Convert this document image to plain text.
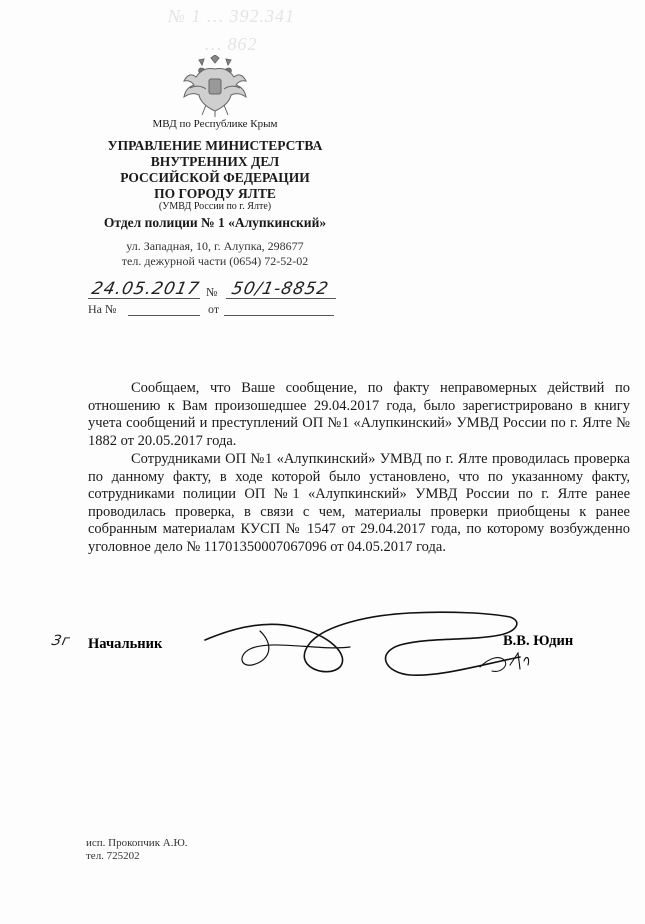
№ 1 … 392.341
… 862
МВД по Республике Крым
УПРАВЛЕНИЕ МИНИСТЕРСТВА
ВНУТРЕННИХ ДЕЛ
РОССИЙСКОЙ ФЕДЕРАЦИИ
ПО ГОРОДУ ЯЛТЕ
(УМВД России по г. Ялте)
Отдел полиции № 1 «Алупкинский»
ул. Западная, 10, г. Алупка, 298677
тел. дежурной части (0654) 72-52-02
24.05.2017 № 50/1-8852
На №	от

Сообщаем, что Ваше сообщение, по факту неправомерных действий по отношению к Вам произошедшее 29.04.2017 года, было зарегистрировано в книгу учета сообщений и преступлений ОП №1 «Алупкинский» УМВД России по г. Ялте № 1882 от 20.05.2017 года.

Сотрудниками ОП №1 «Алупкинский» УМВД по г. Ялте проводилась проверка по данному факту, в ходе которой было установлено, что по указанному факту, сотрудниками полиции ОП №1 «Алупкинский» УМВД России по г. Ялте ранее проводилась проверка, в связи с чем, материалы проверки приобщены к ранее собранным материалам КУСП № 1547 от 29.04.2017 года, по которому возбужденно уголовное дело № 11701350007067096 от 04.05.2017 года.

Зг Начальник	В.В. Юдин
исп. Прокопчик А.Ю.
тел. 725202
